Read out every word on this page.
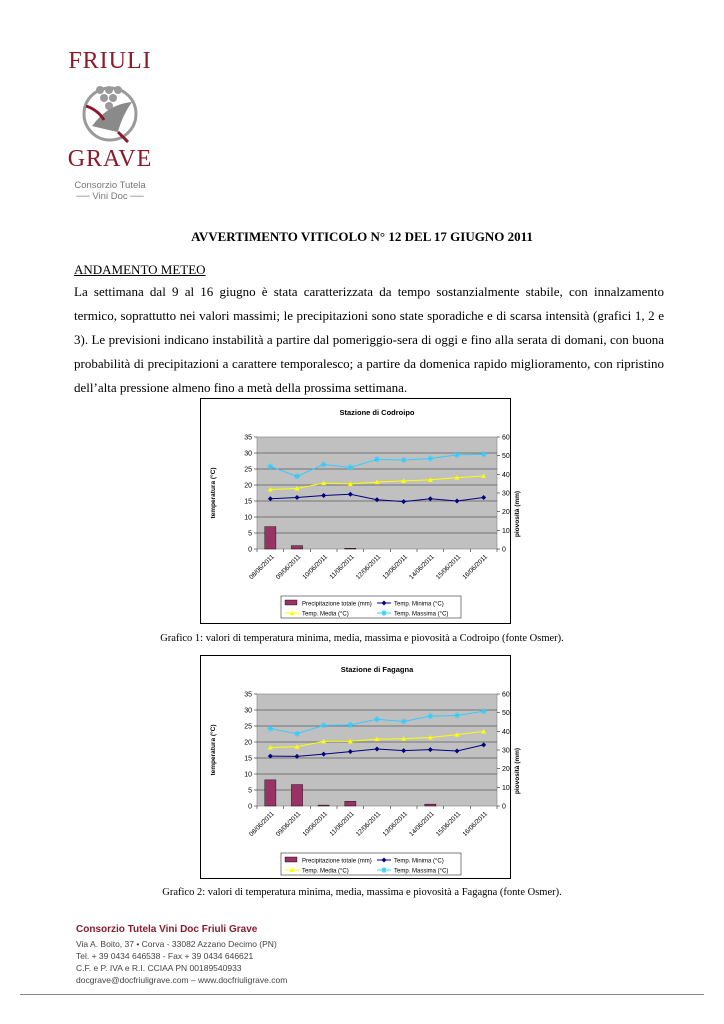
FRIULI
GRAVE
Consorzio Tutela
── Vini Doc ──
AVVERTIMENTO VITICOLO N° 12 DEL 17 GIUGNO 2011
ANDAMENTO METEO

La settimana dal 9 al 16 giugno è stata caratterizzata da tempo sostanzialmente stabile, con innalzamento termico, soprattutto nei valori massimi; le precipitazioni sono state sporadiche e di scarsa intensità (grafici 1, 2 e 3). Le previsioni indicano instabilità a partire dal pomeriggio-sera di oggi e fino alla serata di domani, con buona probabilità di precipitazioni a carattere temporalesco; a partire da domenica rapido miglioramento, con ripristino dell’alta pressione almeno fino a metà della prossima settimana.

Stazione di Codroipo
0
5
10
15
20
25
30
35
0
10
20
30
40
50
60
temperatura (°C)	piovosità (mm)
08/06/2011 09/06/2011 10/06/2011 11/06/2011 12/06/2011 13/06/2011 14/06/2011 15/06/2011 16/06/2011
Precipitazione totale (mm)	Temp. Minima (°C)
Temp. Media (°C)	Temp. Massima (°C)
Grafico 1: valori di temperatura minima, media, massima e piovosità a Codroipo (fonte Osmer).
Stazione di Fagagna
0
5
10
15
20
25
30
35
0
10
20
30
40
50
60
temperatura (°C)	piovosità (mm)
08/06/2011 09/06/2011 10/06/2011 11/06/2011 12/06/2011 13/06/2011 14/06/2011 15/06/2011 16/06/2011
Precipitazione totale (mm)	Temp. Minima (°C)
Temp. Media (°C)	Temp. Massima (°C)
Grafico 2: valori di temperatura minima, media, massima e piovosità a Fagagna (fonte Osmer).
Consorzio Tutela Vini Doc Friuli Grave
Via A. Boito, 37 • Corva - 33082 Azzano Decimo (PN)
Tel. + 39 0434 646538 - Fax + 39 0434 646621
C.F. e P. IVA e R.I. CCIAA PN 00189540933
docgrave@docfriuligrave.com – www.docfriuligrave.com
